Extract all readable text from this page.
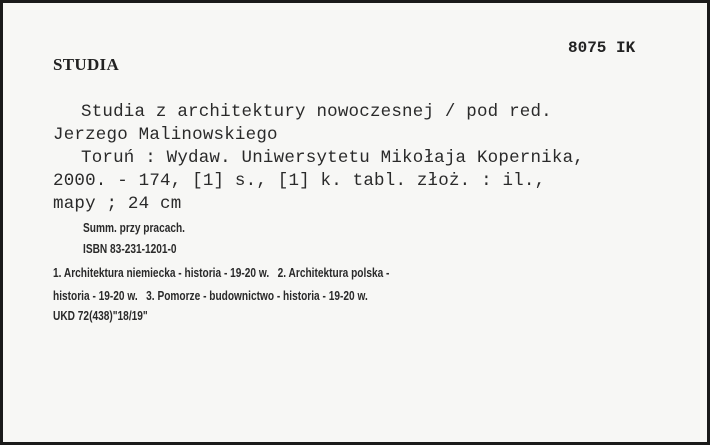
STUDIA
8075 IK
Studia z architektury nowoczesnej / pod red.
Jerzego Malinowskiego
Toruń : Wydaw. Uniwersytetu Mikołaja Kopernika,
2000. - 174, [1] s., [1] k. tabl. złoż. : il.,
mapy ; 24 cm
Summ. przy pracach.
ISBN 83-231-1201-0
1. Architektura niemiecka - historia - 19-20 w.   2. Architektura polska -
historia - 19-20 w.   3. Pomorze - budownictwo - historia - 19-20 w.
UKD 72(438)"18/19"
